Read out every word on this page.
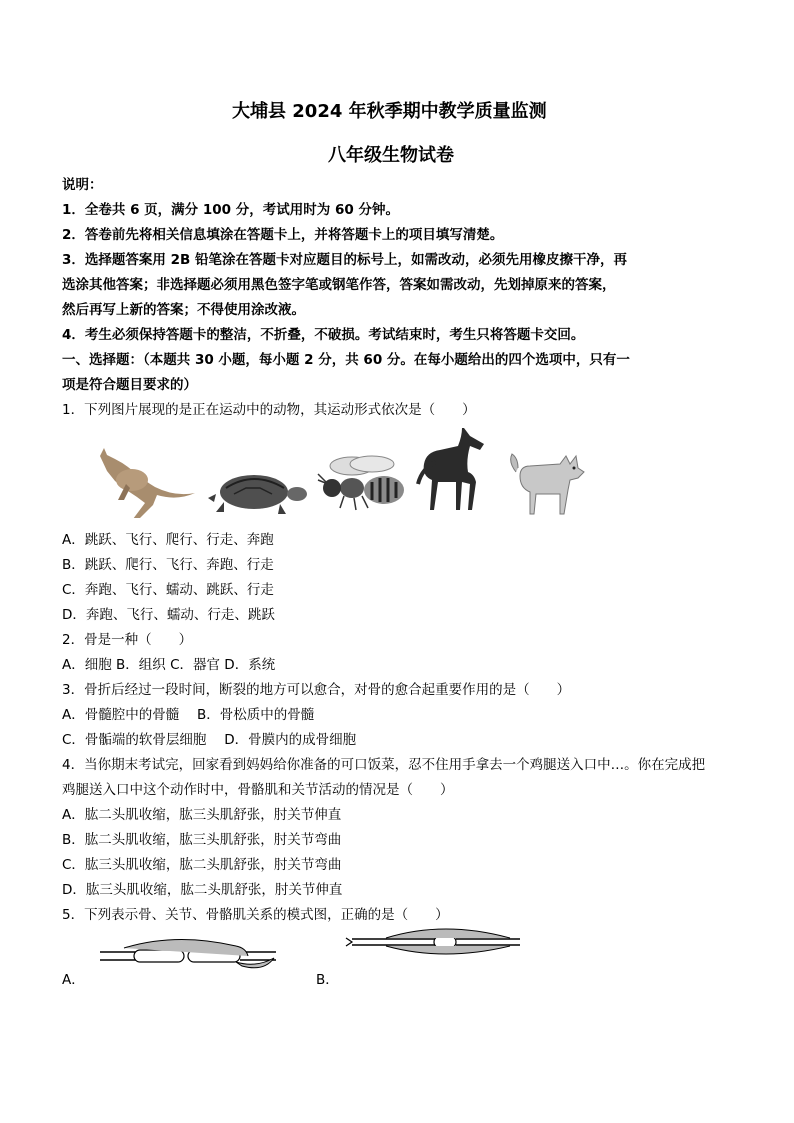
大埔县 2024 年秋季期中教学质量监测
八年级生物试卷
说明：
1．全卷共 6 页，满分 100 分，考试用时为 60 分钟。
2．答卷前先将相关信息填涂在答题卡上，并将答题卡上的项目填写清楚。
3．选择题答案用 2B 铅笔涂在答题卡对应题目的标号上，如需改动，必须先用橡皮擦干净，再
选涂其他答案；非选择题必须用黑色签字笔或钢笔作答，答案如需改动，先划掉原来的答案，
然后再写上新的答案；不得使用涂改液。
4．考生必须保持答题卡的整洁，不折叠，不破损。考试结束时，考生只将答题卡交回。
一、选择题：（本题共 30 小题，每小题 2 分，共 60 分。在每小题给出的四个选项中，只有一
项是符合题目要求的）
1．下列图片展现的是正在运动中的动物，其运动形式依次是（　　）
A．跳跃、飞行、爬行、行走、奔跑
B．跳跃、爬行、飞行、奔跑、行走
C．奔跑、飞行、蠕动、跳跃、行走
D．奔跑、飞行、蠕动、行走、跳跃
2．骨是一种（　　）
A．细胞 B．组织 C．器官 D．系统
3．骨折后经过一段时间，断裂的地方可以愈合，对骨的愈合起重要作用的是（　　）
A．骨髓腔中的骨髓　 B．骨松质中的骨髓
C．骨骺端的软骨层细胞　 D．骨膜内的成骨细胞
4．当你期末考试完，回家看到妈妈给你准备的可口饭菜，忍不住用手拿去一个鸡腿送入口中…。你在完成把
鸡腿送入口中这个动作时中，骨骼肌和关节活动的情况是（　　）
A．肱二头肌收缩，肱三头肌舒张，肘关节伸直
B．肱二头肌收缩，肱三头肌舒张，肘关节弯曲
C．肱三头肌收缩，肱二头肌舒张，肘关节弯曲
D．肱三头肌收缩，肱二头肌舒张，肘关节伸直
5．下列表示骨、关节、骨骼肌关系的模式图，正确的是（　　）
A．	B．
